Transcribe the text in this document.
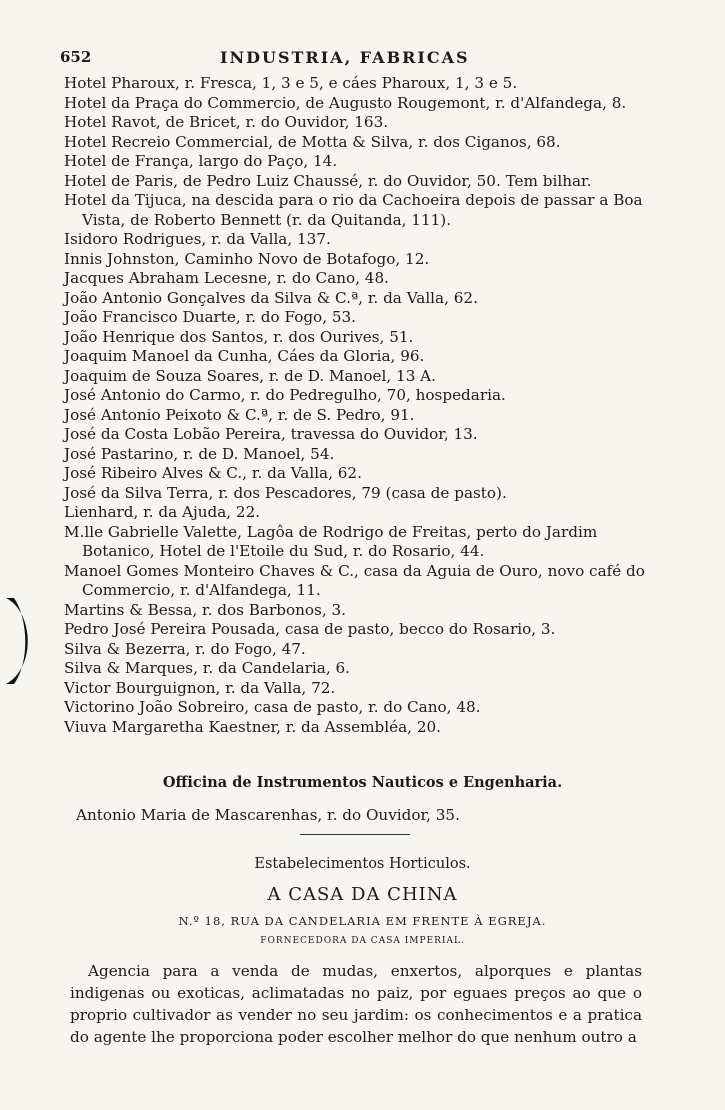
652	INDUSTRIA, FABRICAS
Hotel Pharoux, r. Fresca, 1, 3 e 5, e cáes Pharoux, 1, 3 e 5.
Hotel da Praça do Commercio, de Augusto Rougemont, r. d'Alfandega, 8.
Hotel Ravot, de Bricet, r. do Ouvidor, 163.
Hotel Recreio Commercial, de Motta & Silva, r. dos Ciganos, 68.
Hotel de França, largo do Paço, 14.
Hotel de Paris, de Pedro Luiz Chaussé, r. do Ouvidor, 50. Tem bilhar.
Hotel da Tijuca, na descida para o rio da Cachoeira depois de passar a Boa Vista, de Roberto Bennett (r. da Quitanda, 111).
Isidoro Rodrigues, r. da Valla, 137.
Innis Johnston, Caminho Novo de Botafogo, 12.
Jacques Abraham Lecesne, r. do Cano, 48.
João Antonio Gonçalves da Silva & C.ª, r. da Valla, 62.
João Francisco Duarte, r. do Fogo, 53.
João Henrique dos Santos, r. dos Ourives, 51.
Joaquim Manoel da Cunha, Cáes da Gloria, 96.
Joaquim de Souza Soares, r. de D. Manoel, 13 A.
José Antonio do Carmo, r. do Pedregulho, 70, hospedaria.
José Antonio Peixoto & C.ª, r. de S. Pedro, 91.
José da Costa Lobão Pereira, travessa do Ouvidor, 13.
José Pastarino, r. de D. Manoel, 54.
José Ribeiro Alves & C., r. da Valla, 62.
José da Silva Terra, r. dos Pescadores, 79 (casa de pasto).
Lienhard, r. da Ajuda, 22.
M.lle Gabrielle Valette, Lagôa de Rodrigo de Freitas, perto do Jardim Botanico, Hotel de l'Etoile du Sud, r. do Rosario, 44.
Manoel Gomes Monteiro Chaves & C., casa da Aguia de Ouro, novo café do Commercio, r. d'Alfandega, 11.
Martins & Bessa, r. dos Barbonos, 3.
Pedro José Pereira Pousada, casa de pasto, becco do Rosario, 3.
Silva & Bezerra, r. do Fogo, 47.
Silva & Marques, r. da Candelaria, 6.
Victor Bourguignon, r. da Valla, 72.
Victorino João Sobreiro, casa de pasto, r. do Cano, 48.
Viuva Margaretha Kaestner, r. da Assembléa, 20.
Officina de Instrumentos Nauticos e Engenharia.
Antonio Maria de Mascarenhas, r. do Ouvidor, 35.
Estabelecimentos Horticulos.
A CASA DA CHINA
N.º 18, RUA DA CANDELARIA EM FRENTE À EGREJA.
FORNECEDORA DA CASA IMPERIAL.
Agencia para a venda de mudas, enxertos, alporques e plantas indigenas ou exoticas, aclimatadas no paiz, por eguaes preços ao que o proprio cultivador as vender no seu jardim: os conhecimentos e a pratica do agente lhe proporciona poder escolher melhor do que nenhum outro a
